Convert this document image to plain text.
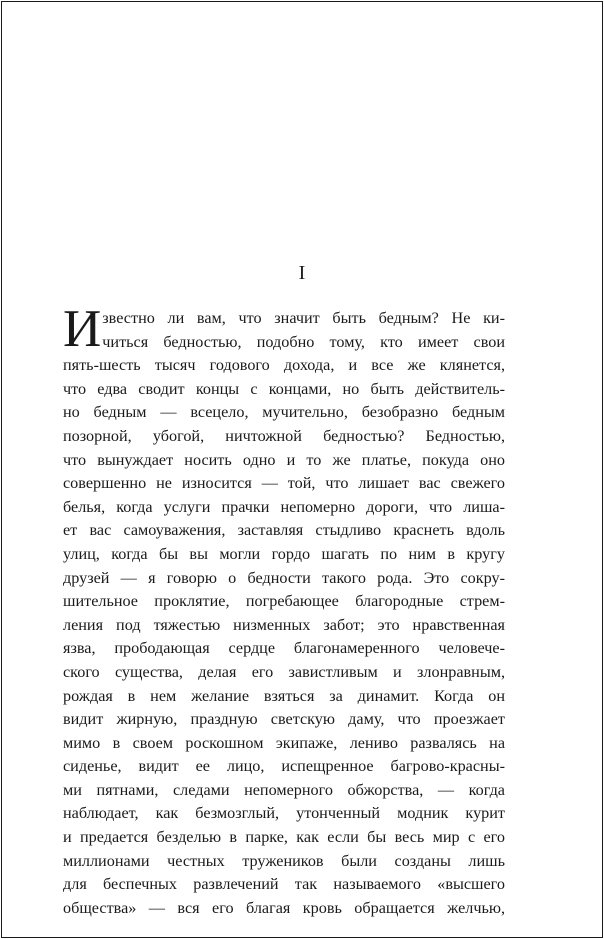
I
И звестно ли вам, что значит быть бедным? Не ки-
читься бедностью, подобно тому, кто имеет свои
пять-шесть тысяч годового дохода, и все же клянется,
что едва сводит концы с концами, но быть действитель-
но бедным — всецело, мучительно, безобразно бедным
позорной, убогой, ничтожной бедностью? Бедностью,
что вынуждает носить одно и то же платье, покуда оно
совершенно не износится — той, что лишает вас свежего
белья, когда услуги прачки непомерно дороги, что лиша-
ет вас самоуважения, заставляя стыдливо краснеть вдоль
улиц, когда бы вы могли гордо шагать по ним в кругу
друзей — я говорю о бедности такого рода. Это сокру-
шительное проклятие, погребающее благородные стрем-
ления под тяжестью низменных забот; это нравственная
язва, прободающая сердце благонамеренного человече-
ского существа, делая его завистливым и злонравным,
рождая в нем желание взяться за динамит. Когда он
видит жирную, праздную светскую даму, что проезжает
мимо в своем роскошном экипаже, лениво развалясь на
сиденье, видит ее лицо, испещренное багрово-красны-
ми пятнами, следами непомерного обжорства, — когда
наблюдает, как безмозглый, утонченный модник курит
и предается безделью в парке, как если бы весь мир с его
миллионами честных тружеников были созданы лишь
для беспечных развлечений так называемого «высшего
общества» — вся его благая кровь обращается желчью,
